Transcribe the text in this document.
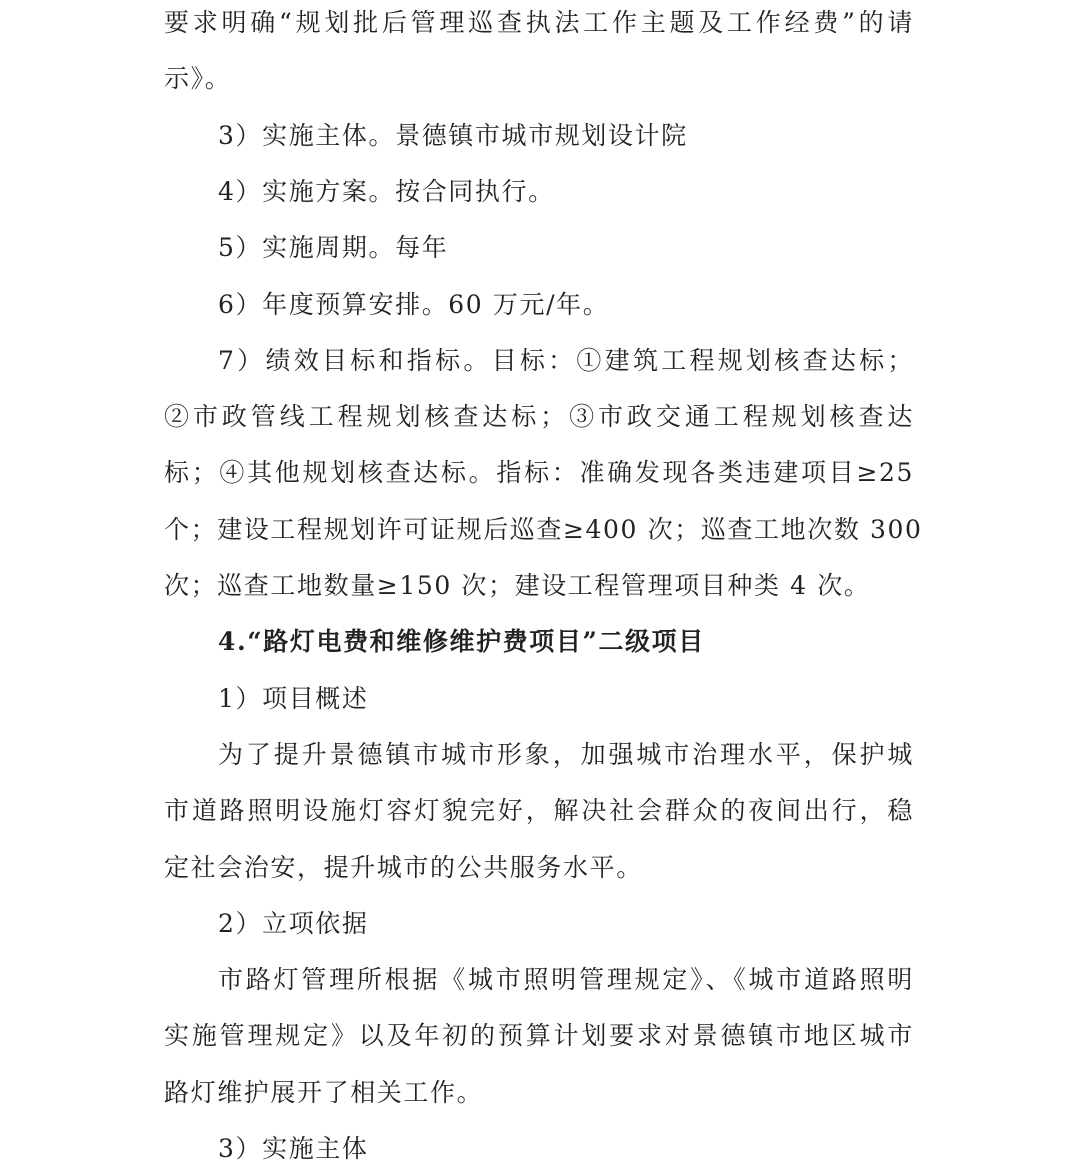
要求明确“规划批后管理巡查执法工作主题及工作经费”的请
示》。
3）实施主体。景德镇市城市规划设计院
4）实施方案。按合同执行。
5）实施周期。每年
6）年度预算安排。60 万元/年。
7）绩效目标和指标。目标：①建筑工程规划核查达标；
②市政管线工程规划核查达标；③市政交通工程规划核查达
标；④其他规划核查达标。指标：准确发现各类违建项目≥25
个；建设工程规划许可证规后巡查≥400 次；巡查工地次数 300
次；巡查工地数量≥150 次；建设工程管理项目种类 4 次。
4.“路灯电费和维修维护费项目”二级项目
1）项目概述
为了提升景德镇市城市形象，加强城市治理水平，保护城
市道路照明设施灯容灯貌完好，解决社会群众的夜间出行，稳
定社会治安，提升城市的公共服务水平。
2）立项依据
市路灯管理所根据《城市照明管理规定》、《城市道路照明
实施管理规定》以及年初的预算计划要求对景德镇市地区城市
路灯维护展开了相关工作。
3）实施主体
